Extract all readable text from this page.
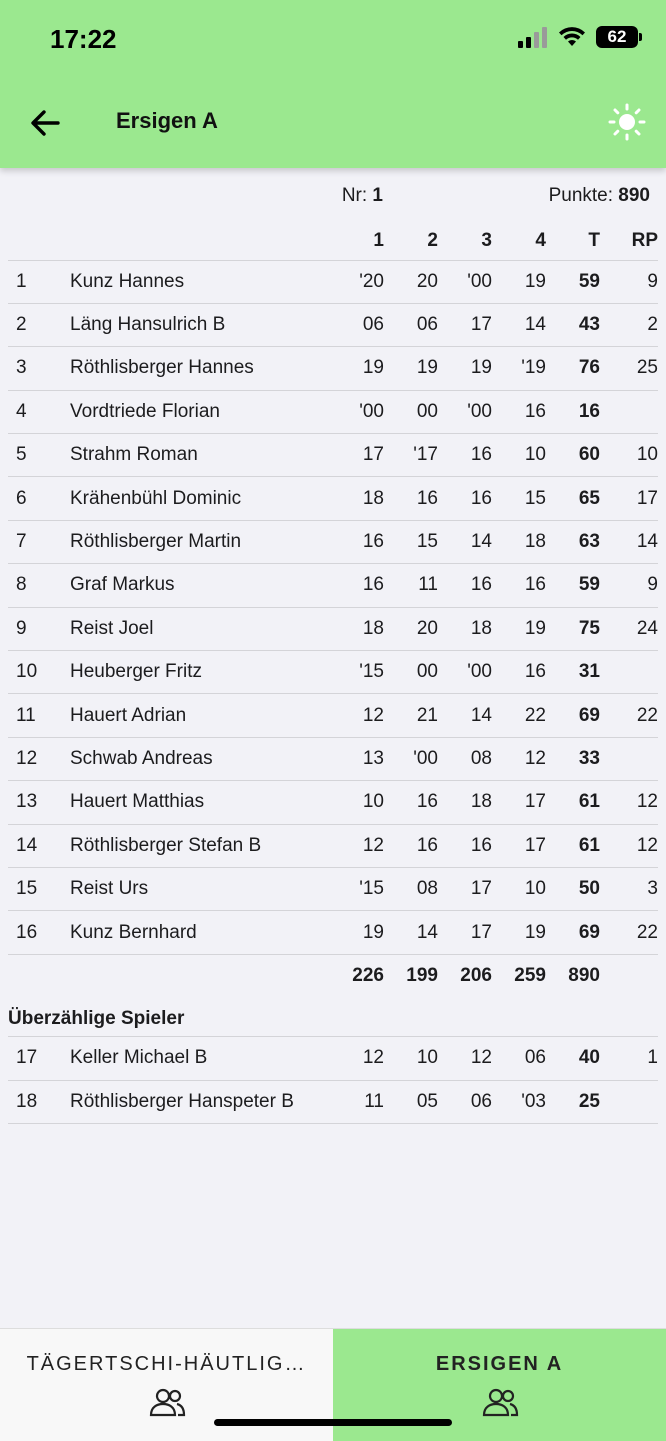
17:22	62
Ersigen A
Nr: 1	Punkte: 890
		1	2	3	4	T	RP
1	Kunz Hannes	'20	20	'00	19	59	9
2	Läng Hansulrich B	06	06	17	14	43	2
3	Röthlisberger Hannes	19	19	19	'19	76	25
4	Vordtriede Florian	'00	00	'00	16	16	
5	Strahm Roman	17	'17	16	10	60	10
6	Krähenbühl Dominic	18	16	16	15	65	17
7	Röthlisberger Martin	16	15	14	18	63	14
8	Graf Markus	16	11	16	16	59	9
9	Reist Joel	18	20	18	19	75	24
10	Heuberger Fritz	'15	00	'00	16	31	
11	Hauert Adrian	12	21	14	22	69	22
12	Schwab Andreas	13	'00	08	12	33	
13	Hauert Matthias	10	16	18	17	61	12
14	Röthlisberger Stefan B	12	16	16	17	61	12
15	Reist Urs	'15	08	17	10	50	3
16	Kunz Bernhard	19	14	17	19	69	22
		226	199	206	259	890	
Überzählige Spieler
17	Keller Michael B	12	10	12	06	40	1
18	Röthlisberger Hanspeter B	11	05	06	'03	25	
TÄGERTSCHI-HÄUTLIG…	ERSIGEN A
